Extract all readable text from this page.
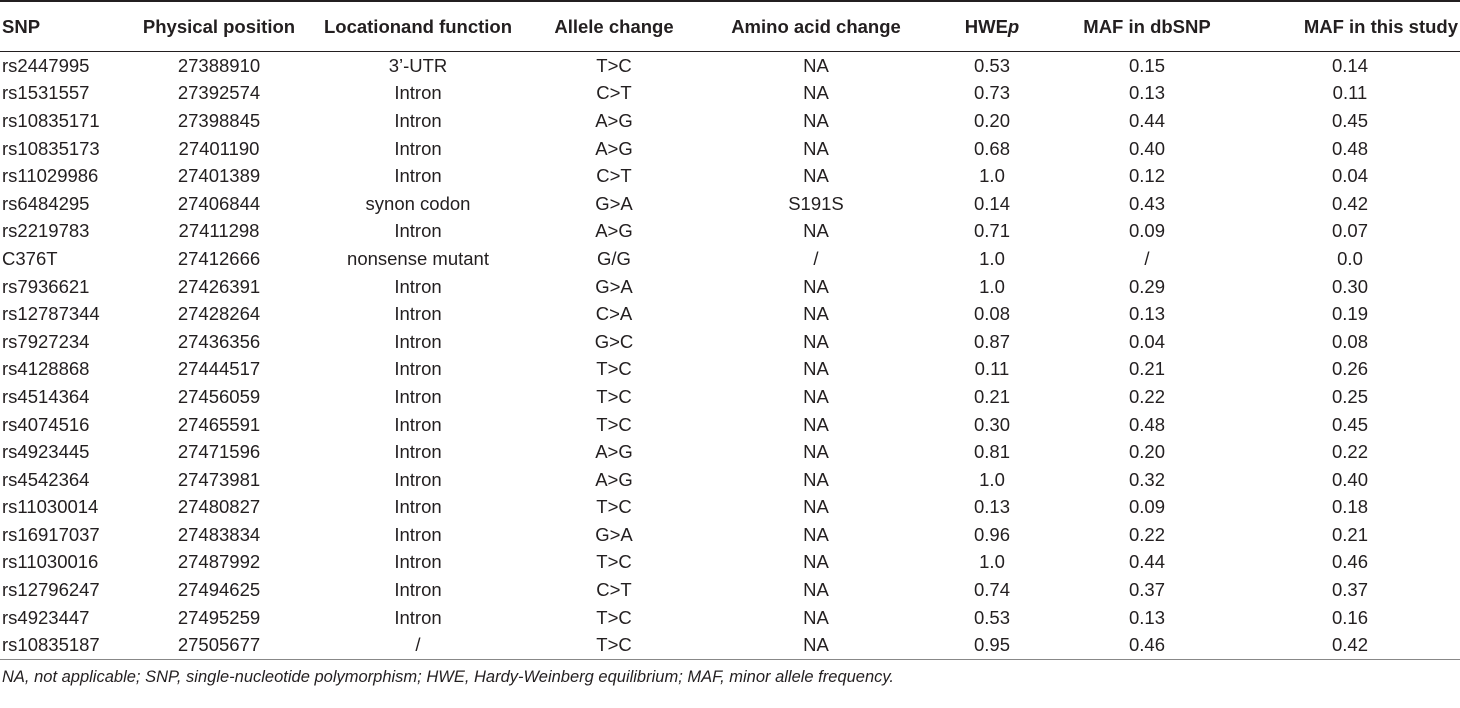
SNP	Physical position	Locationand function	Allele change	Amino acid change	HWEp	MAF in dbSNP	MAF in this study
rs2447995	27388910	3’-UTR	T>C	NA	0.53	0.15	0.14
rs1531557	27392574	Intron	C>T	NA	0.73	0.13	0.11
rs10835171	27398845	Intron	A>G	NA	0.20	0.44	0.45
rs10835173	27401190	Intron	A>G	NA	0.68	0.40	0.48
rs11029986	27401389	Intron	C>T	NA	1.0	0.12	0.04
rs6484295	27406844	synon codon	G>A	S191S	0.14	0.43	0.42
rs2219783	27411298	Intron	A>G	NA	0.71	0.09	0.07
C376T	27412666	nonsense mutant	G/G	/	1.0	/	0.0
rs7936621	27426391	Intron	G>A	NA	1.0	0.29	0.30
rs12787344	27428264	Intron	C>A	NA	0.08	0.13	0.19
rs7927234	27436356	Intron	G>C	NA	0.87	0.04	0.08
rs4128868	27444517	Intron	T>C	NA	0.11	0.21	0.26
rs4514364	27456059	Intron	T>C	NA	0.21	0.22	0.25
rs4074516	27465591	Intron	T>C	NA	0.30	0.48	0.45
rs4923445	27471596	Intron	A>G	NA	0.81	0.20	0.22
rs4542364	27473981	Intron	A>G	NA	1.0	0.32	0.40
rs11030014	27480827	Intron	T>C	NA	0.13	0.09	0.18
rs16917037	27483834	Intron	G>A	NA	0.96	0.22	0.21
rs11030016	27487992	Intron	T>C	NA	1.0	0.44	0.46
rs12796247	27494625	Intron	C>T	NA	0.74	0.37	0.37
rs4923447	27495259	Intron	T>C	NA	0.53	0.13	0.16
rs10835187	27505677	/	T>C	NA	0.95	0.46	0.42
NA, not applicable; SNP, single-nucleotide polymorphism; HWE, Hardy-Weinberg equilibrium; MAF, minor allele frequency.
